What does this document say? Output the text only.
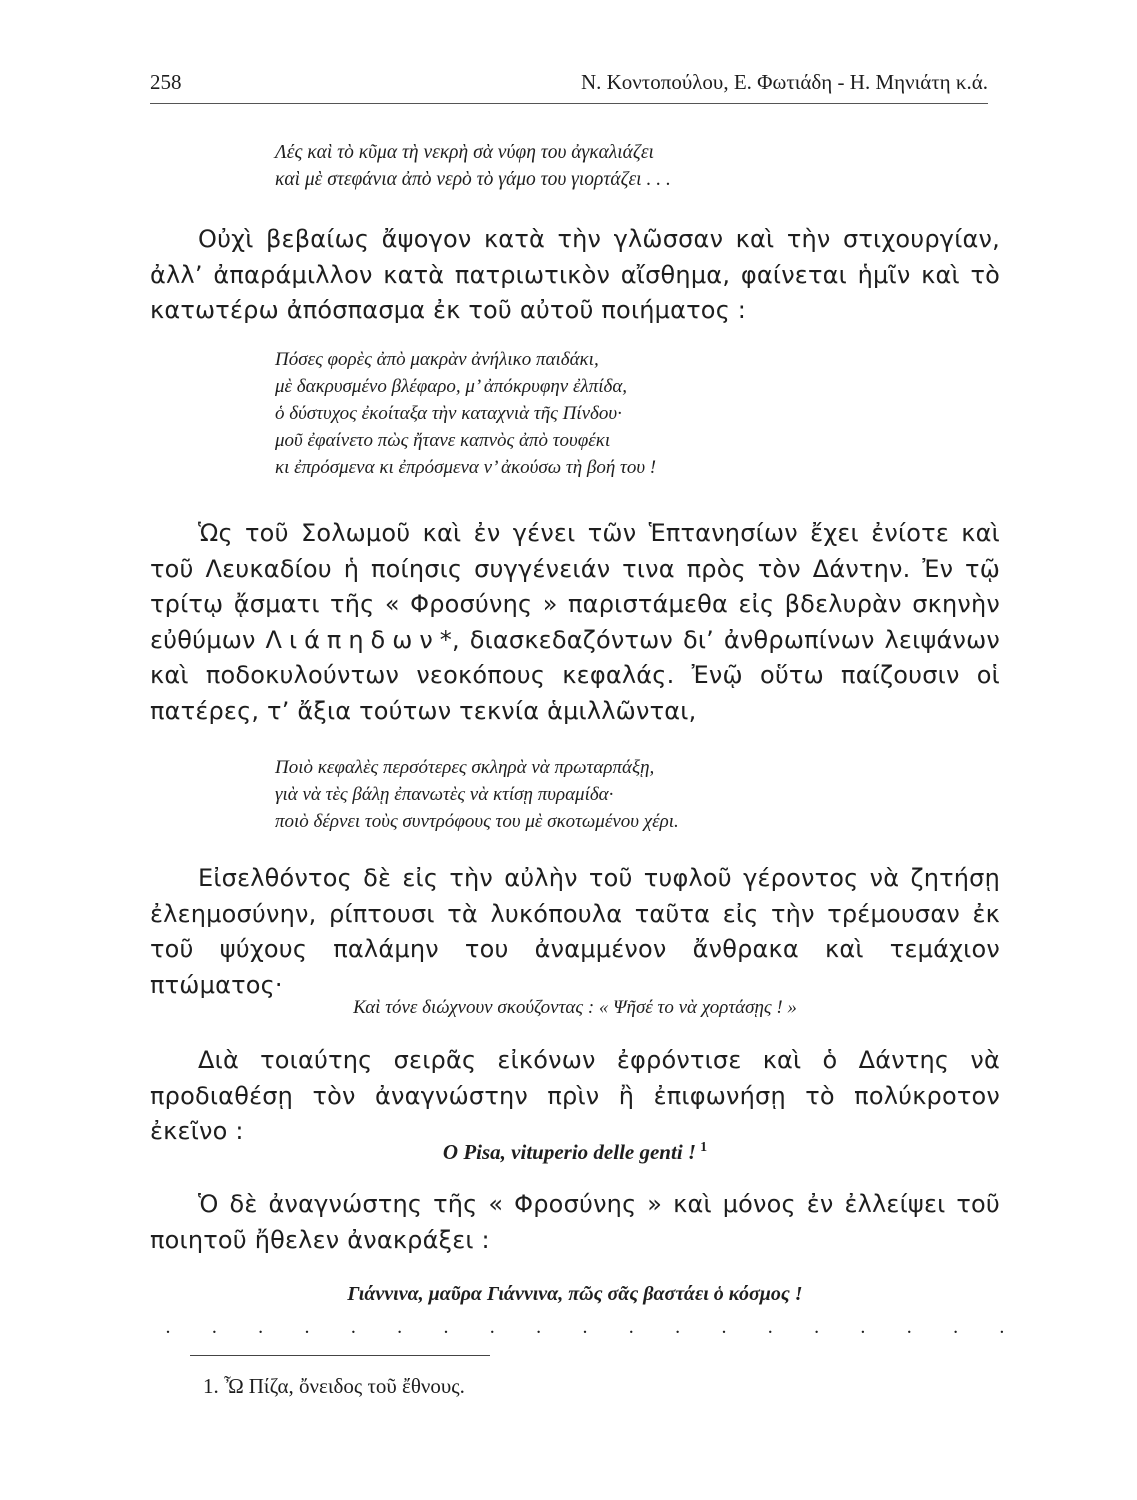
258	Ν. Κοντοπούλου, Ε. Φωτιάδη - Η. Μηνιάτη κ.ά.
Λές καὶ τὸ κῦμα τὴ νεκρὴ σὰ νύφη του ἀγκαλιάζει
καὶ μὲ στεφάνια ἀπὸ νερὸ τὸ γάμο του γιορτάζει . . .

Οὐχὶ βεβαίως ἄψογον κατὰ τὴν γλῶσσαν καὶ τὴν στιχουργίαν, ἀλλ’ ἀπαράμιλλον κατὰ πατριωτικὸν αἴσθημα, φαίνεται ἡμῖν καὶ τὸ κατωτέρω ἀπόσπασμα ἐκ τοῦ αὐτοῦ ποιήματος :

Πόσες φορὲς ἀπὸ μακρὰν ἀνήλικο παιδάκι,
μὲ δακρυσμένο βλέφαρο, μ’ ἀπόκρυφην ἐλπίδα,
ὁ δύστυχος ἐκοίταξα τὴν καταχνιὰ τῆς Πίνδου·
μοῦ ἐφαίνετο πὼς ἤτανε καπνὸς ἀπὸ τουφέκι
κι ἐπρόσμενα κι ἐπρόσμενα ν’ ἀκούσω τὴ βοή του !

Ὡς τοῦ Σολωμοῦ καὶ ἐν γένει τῶν Ἑπτανησίων ἔχει ἐνίοτε καὶ τοῦ Λευκαδίου ἡ ποίησις συγγένειάν τινα πρὸς τὸν Δάντην. Ἐν τῷ τρίτῳ ᾄσματι τῆς « Φροσύνης » παριστάμεθα εἰς βδελυρὰν σκηνὴν εὐθύμων Λιάπηδων*, διασκεδαζόντων δι’ ἀνθρωπίνων λειψάνων καὶ ποδοκυλούντων νεοκόπους κεφαλάς. Ἐνῷ οὕτω παίζουσιν οἱ πατέρες, τ’ ἄξια τούτων τεκνία ἁμιλλῶνται,

Ποιὸ κεφαλὲς περσότερες σκληρὰ νὰ πρωταρπάξῃ,
γιὰ νὰ τὲς βάλῃ ἐπανωτὲς νὰ κτίσῃ πυραμίδα·
ποιὸ δέρνει τοὺς συντρόφους του μὲ σκοτωμένου χέρι.

Εἰσελθόντος δὲ εἰς τὴν αὐλὴν τοῦ τυφλοῦ γέροντος νὰ ζητήσῃ ἐλεημοσύνην, ρίπτουσι τὰ λυκόπουλα ταῦτα εἰς τὴν τρέμουσαν ἐκ τοῦ ψύχους παλάμην του ἀναμμένον ἄνθρακα καὶ τεμάχιον πτώματος·

Καὶ τόνε διώχνουν σκούζοντας : « Ψῆσέ το νὰ χορτάσῃς ! »

Διὰ τοιαύτης σειρᾶς εἰκόνων ἐφρόντισε καὶ ὁ Δάντης νὰ προδιαθέσῃ τὸν ἀναγνώστην πρὶν ἢ ἐπιφωνήσῃ τὸ πολύκροτον ἐκεῖνο :

O Pisa, vituperio delle genti ! $^1$

Ὁ δὲ ἀναγνώστης τῆς « Φροσύνης » καὶ μόνος ἐν ἐλλείψει τοῦ ποιητοῦ ἤθελεν ἀνακράξει :

Γιάννινα, μαῦρα Γιάννινα, πῶς σᾶς βαστάει ὁ κόσμος !
. . . . . . . . . . . . . . . . . . .
1. Ὦ Πίζα, ὄνειδος τοῦ ἔθνους.
